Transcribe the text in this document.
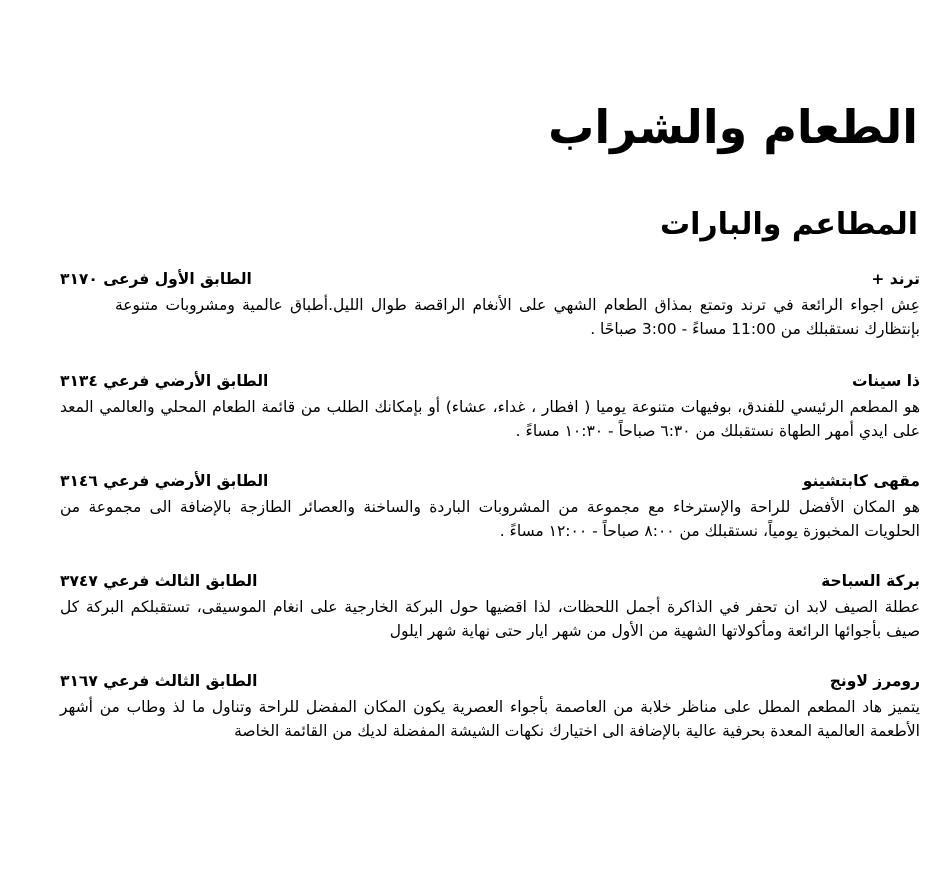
الطعام والشراب
المطاعم والبارات
ترند +
الطابق الأول فرعى ٣١٧٠

عِش اجواء الرائعة في ترند وتمتع بمذاق الطعام الشهي على الأنغام الراقصة طوال الليل.أطباق عالمية ومشروبات متنوعة بإنتظارك نستقبلك من 11:00 مساءً - 3:00 صباحًا .

ذا سينات
الطابق الأرضي فرعي ٣١٣٤

هو المطعم الرئيسي للفندق، بوفيهات متنوعة يوميا ( افطار ، غداء، عشاء) أو بإمكانك الطلب من قائمة الطعام المحلي والعالمي المعد على ايدي أمهر الطهاة نستقبلك من ٦:٣٠ صباحاً - ١٠:٣٠ مساءً .

مقهى كابتشينو
الطابق الأرضي فرعي ٣١٤٦

هو المكان الأفضل للراحة والإسترخاء مع مجموعة من المشروبات الباردة والساخنة والعصائر الطازجة بالإضافة الى مجموعة من الحلويات المخبوزة يومياً، نستقبلك من ٨:٠٠ صباحاً - ١٢:٠٠ مساءً .

بركة السباحة
الطابق الثالث فرعي ٣٧٤٧

عطلة الصيف لابد ان تحفر في الذاكرة أجمل اللحظات، لذا اقضيها حول البركة الخارجية على انغام الموسيقى، تستقبلكم البركة كل صيف بأجوائها الرائعة ومأكولاتها الشهية من الأول من شهر ايار حتى نهاية شهر ايلول

رومرز لاونج
الطابق الثالث فرعي ٣١٦٧

يتميز هاد المطعم المطل على مناظر خلابة من العاصمة بأجواء العصرية يكون المكان المفضل للراحة وتناول ما لذ وطاب من أشهر الأطعمة العالمية المعدة بحرفية عالية بالإضافة الى اختيارك نكهات الشيشة المفضلة لديك من القائمة الخاصة
